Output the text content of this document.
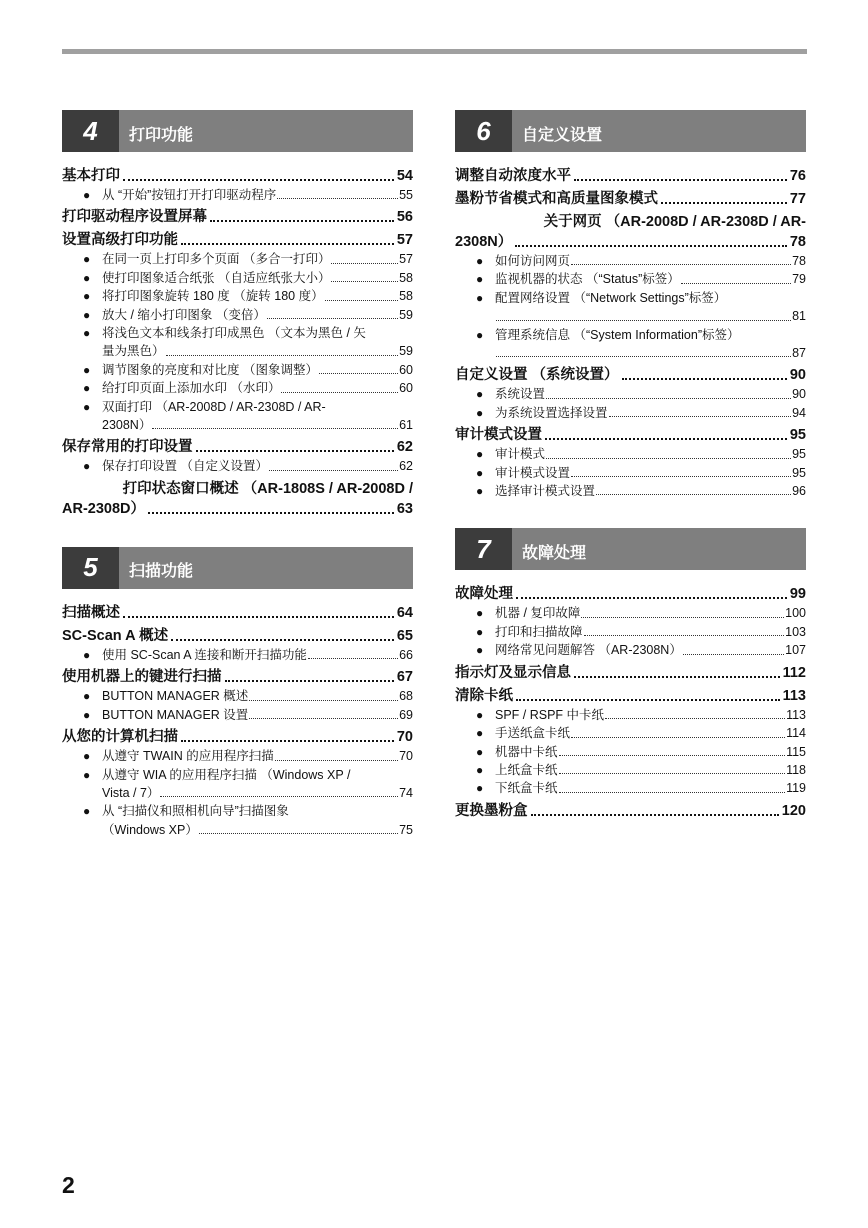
4	打印功能
基本打印	54
● 从 “开始”按钮打开打印驱动程序	55
打印驱动程序设置屏幕	56
设置高级打印功能	57
● 在同一页上打印多个页面 （多合一打印）	57
● 使打印图象适合纸张 （自适应纸张大小）	58
● 将打印图象旋转 180 度 （旋转 180 度）	58
● 放大 / 缩小打印图象 （变倍）	59
● 将浅色文本和线条打印成黑色 （文本为黑色 / 矢
量为黑色）	59
● 调节图象的亮度和对比度 （图象调整）	60
● 给打印页面上添加水印 （水印）	60
● 双面打印 （AR-2008D / AR-2308D / AR-
2308N）	61
保存常用的打印设置	62
● 保存打印设置 （自定义设置）	62
打印状态窗口概述 （AR-1808S / AR-2008D /
AR-2308D）	63
5	扫描功能
扫描概述	64
SC-Scan A 概述	65
● 使用 SC-Scan A 连接和断开扫描功能	66
使用机器上的键进行扫描	67
● BUTTON MANAGER 概述	68
● BUTTON MANAGER 设置	69
从您的计算机扫描	70
● 从遵守 TWAIN 的应用程序扫描	70
● 从遵守 WIA 的应用程序扫描 （Windows XP /
Vista / 7）	74
● 从 “扫描仪和照相机向导”扫描图象
（Windows XP）	75
6	自定义设置
调整自动浓度水平	76
墨粉节省模式和高质量图象模式	77
关于网页 （AR-2008D / AR-2308D / AR-
2308N）	78
● 如何访问网页	78
● 监视机器的状态 （“Status”标签）	79
● 配置网络设置 （“Network Settings”标签）
81
● 管理系统信息 （“System Information”标签）
87
自定义设置 （系统设置）	90
● 系统设置	90
● 为系统设置选择设置	94
审计模式设置	95
● 审计模式	95
● 审计模式设置	95
● 选择审计模式设置	96
7	故障处理
故障处理	99
● 机器 / 复印故障	100
● 打印和扫描故障	103
● 网络常见问题解答 （AR-2308N）	107
指示灯及显示信息	112
清除卡纸	113
● SPF / RSPF 中卡纸	113
● 手送纸盒卡纸	114
● 机器中卡纸	115
● 上纸盒卡纸	118
● 下纸盒卡纸	119
更换墨粉盒	120
2
